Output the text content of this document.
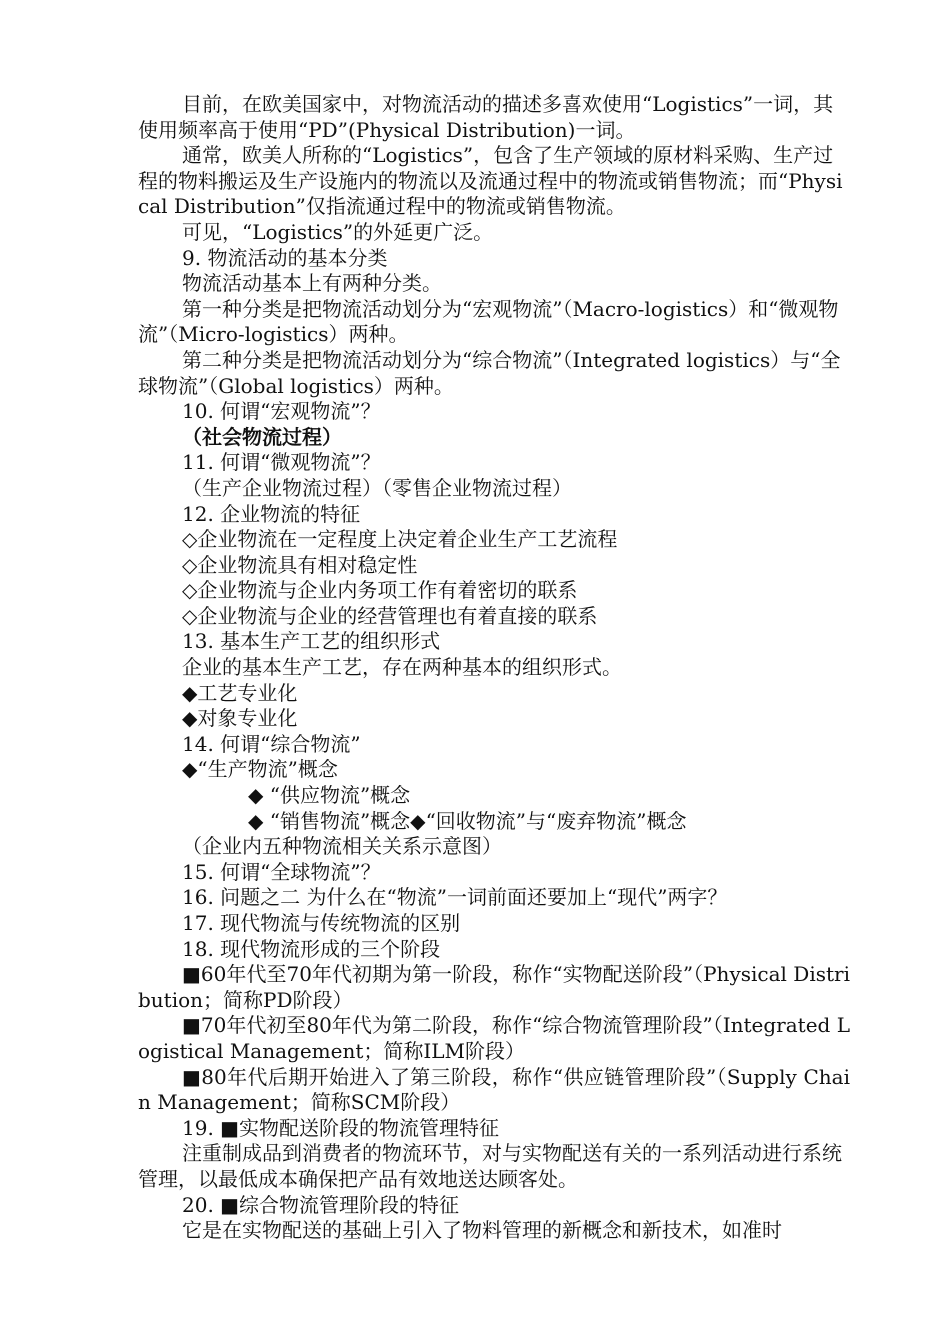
目前，在欧美国家中，对物流活动的描述多喜欢使用“Logistics”一词，其使用频率高于使用“PD”(Physical Distribution)一词。

通常，欧美人所称的“Logistics”，包含了生产领域的原材料采购、生产过程的物料搬运及生产设施内的物流以及流通过程中的物流或销售物流；而“Physical Distribution”仅指流通过程中的物流或销售物流。

可见，“Logistics”的外延更广泛。

9. 物流活动的基本分类

物流活动基本上有两种分类。

第一种分类是把物流活动划分为“宏观物流”（Macro-logistics）和“微观物流”（Micro-logistics）两种。

第二种分类是把物流活动划分为“综合物流”（Integrated logistics）与“全球物流”（Global logistics）两种。

10. 何谓“宏观物流”？

（社会物流过程）

11. 何谓“微观物流”？

（生产企业物流过程）（零售企业物流过程）

12. 企业物流的特征

◇企业物流在一定程度上决定着企业生产工艺流程

◇企业物流具有相对稳定性

◇企业物流与企业内务项工作有着密切的联系

◇企业物流与企业的经营管理也有着直接的联系

13. 基本生产工艺的组织形式

企业的基本生产工艺，存在两种基本的组织形式。

◆工艺专业化

◆对象专业化

14. 何谓“综合物流”

◆“生产物流”概念

◆ “供应物流”概念

◆ “销售物流”概念◆“回收物流”与“废弃物流”概念

（企业内五种物流相关关系示意图）

15. 何谓“全球物流”？

16. 问题之二 为什么在“物流”一词前面还要加上“现代”两字？

17. 现代物流与传统物流的区别

18. 现代物流形成的三个阶段

■60年代至70年代初期为第一阶段，称作“实物配送阶段”（Physical Distribution；简称PD阶段）

■70年代初至80年代为第二阶段，称作“综合物流管理阶段”（Integrated Logistical Management；简称ILM阶段）

■80年代后期开始进入了第三阶段，称作“供应链管理阶段”（Supply Chain Management；简称SCM阶段）

19. ■实物配送阶段的物流管理特征

注重制成品到消费者的物流环节，对与实物配送有关的一系列活动进行系统管理，以最低成本确保把产品有效地送达顾客处。

20. ■综合物流管理阶段的特征

它是在实物配送的基础上引入了物料管理的新概念和新技术，如准时
